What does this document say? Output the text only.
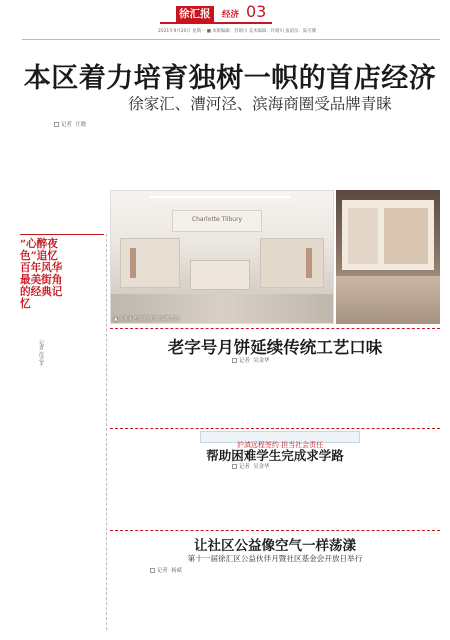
徐汇报	经济 03
2021年9月20日 星期一 ■ 本版编辑：肖晴川 美术编辑：许晴川 报道员：陆可珊
本区着力培育独树一帜的首店经济
徐家汇、漕河泾、滨海商圈受品牌青睐
记者 汪晓
Charlotte Tilbury
▲ 入驻本区商场的国际品牌首店
“心醉夜色”追忆百年风华最美街角的经典记忆
记者 沈志平
老字号月饼延续传统工艺口味
记者 吴金华
沪滇远程签约 担当社会责任
帮助困难学生完成求学路
记者 吴金华
让社区公益像空气一样荡漾
第十一届徐汇区公益伙伴月暨社区基金会开放日举行
记者 杨斌
